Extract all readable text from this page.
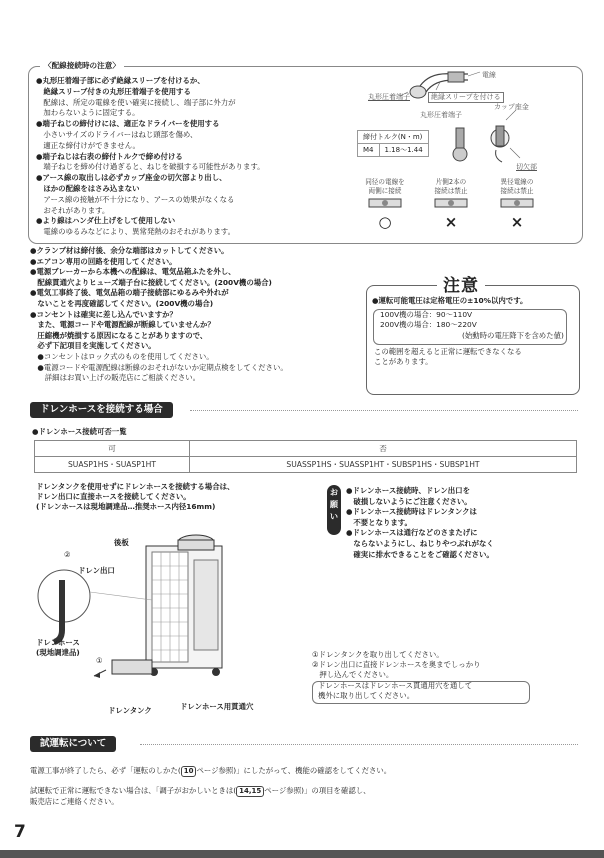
〈配線接続時の注意〉
●丸形圧着端子部に必ず絶縁スリーブを付けるか、
　絶縁スリーブ付きの丸形圧着端子を使用する
　配線は、所定の電線を使い確実に接続し、端子部に外力が
　加わらないように固定する。
●端子ねじの締付けには、適正なドライバーを使用する
　小さいサイズのドライバーはねじ頭部を傷め、
　適正な締付けができません。
●端子ねじは右表の締付トルクで締め付ける
　端子ねじを締め付け過ぎると、ねじを破損する可能性があります。
●アース線の取出しは必ずカップ座金の切欠部より出し、
　ほかの配線をはさみ込まない
　アース線の接触が不十分になり、アースの効果がなくなる
　おそれがあります。
●より線はハンダ仕上げをして使用しない
　電線のゆるみなどにより、異常発熱のおそれがあります。
電線
丸形圧着端子	絶縁スリーブを付ける
丸形圧着端子
カップ座金
切欠部
締付トルク(N・m)
M4	1.18～1.44
同径の電線を
両側に接続
○
片側2本の
接続は禁止
×
異径電線の
接続は禁止
×
●クランプ材は締付後、余分な端部はカットしてください。
●エアコン専用の回路を使用してください。
●電源ブレーカーから本機への配線は、電気品箱ふたを外し、
　配線貫通穴よりヒューズ端子台に接続してください。(200V機の場合)
●電気工事終了後、電気品箱の端子接続部にゆるみや外れが
　ないことを再度確認してください。(200V機の場合)
●コンセントは確実に差し込んでいますか？
　また、電源コードや電源配線が断線していませんか？
　圧縮機が焼損する原因になることがありますので、
　必ず下記項目を実施してください。
　●コンセントはロック式のものを使用してください。
　●電源コードや電源配線は断線のおそれがないか定期点検をしてください。
　　詳細はお買い上げの販売店にご相談ください。
注意
●運転可能電圧は定格電圧の±10%以内です。
100V機の場合：90～110V
200V機の場合：180～220V
(始動時の電圧降下を含めた値)
この範囲を超えると正常に運転できなくなる
ことがあります。
ドレンホースを接続する場合
●ドレンホース接続可否一覧
可	否
SUASP1HS・SUASP1HT	SUASSP1HS・SUASSP1HT・SUBSP1HS・SUBSP1HT
ドレンタンクを使用せずにドレンホースを接続する場合は、
ドレン出口に直接ホースを接続してください。
(ドレンホースは現地調達品…推奨ホース内径16mm)
お
願
い
●ドレンホース接続時、ドレン出口を
　破損しないようにご注意ください。
●ドレンホース接続時はドレンタンクは
　不要となります。
●ドレンホースは通行などのさまたげに
　ならないようにし、ねじりやつぶれがなく
　確実に排水できることをご確認ください。
②
後板
ドレン出口
ドレンホース
(現地調達品)
①
ドレンタンク	ドレンホース用貫通穴
①ドレンタンクを取り出してください。
②ドレン出口に直接ドレンホースを奥までしっかり
　押し込んでください。
ドレンホースはドレンホース貫通用穴を通して
機外に取り出してください。
試運転について
電源工事が終了したら、必ず「運転のしかた( 10 ページ参照)」にしたがって、機能の確認をしてください。
試運転で正常に運転できない場合は、「調子がおかしいときは( 14,15 ページ参照)」の項目を確認し、
販売店にご連絡ください。
7
